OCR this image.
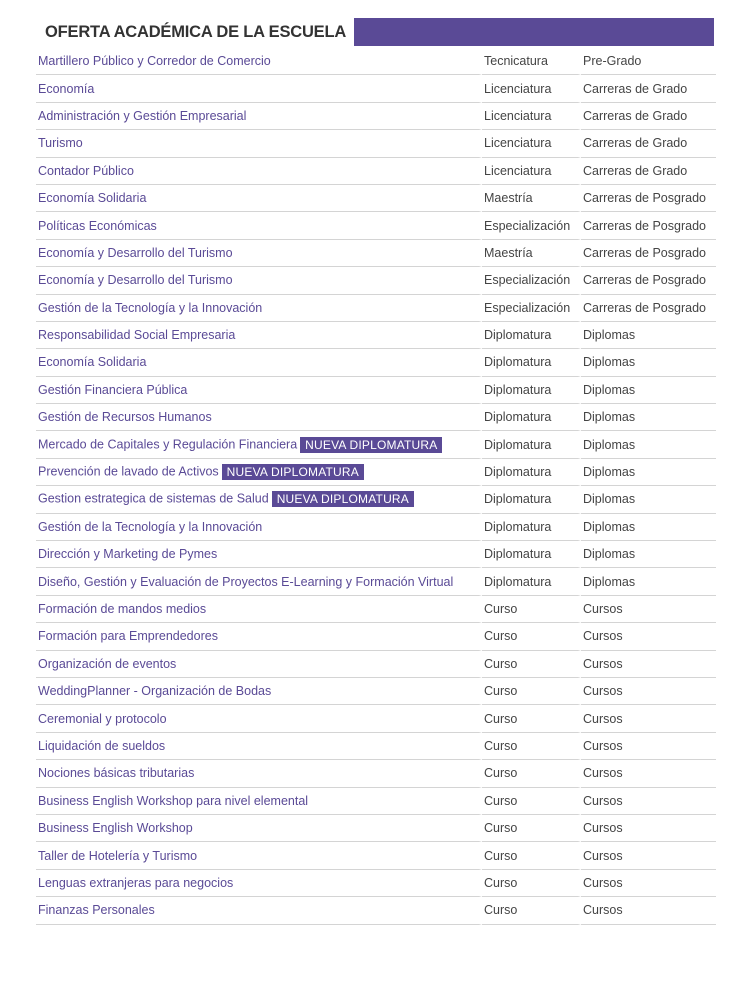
OFERTA ACADÉMICA DE LA ESCUELA
Martillero Público y Corredor de Comercio	Tecnicatura	Pre-Grado
Economía	Licenciatura	Carreras de Grado
Administración y Gestión Empresarial	Licenciatura	Carreras de Grado
Turismo	Licenciatura	Carreras de Grado
Contador Público	Licenciatura	Carreras de Grado
Economía Solidaria	Maestría	Carreras de Posgrado
Políticas Económicas	Especialización	Carreras de Posgrado
Economía y Desarrollo del Turismo	Maestría	Carreras de Posgrado
Economía y Desarrollo del Turismo	Especialización	Carreras de Posgrado
Gestión de la Tecnología y la Innovación	Especialización	Carreras de Posgrado
Responsabilidad Social Empresaria	Diplomatura	Diplomas
Economía Solidaria	Diplomatura	Diplomas
Gestión Financiera Pública	Diplomatura	Diplomas
Gestión de Recursos Humanos	Diplomatura	Diplomas
Mercado de Capitales y Regulación Financiera NUEVA DIPLOMATURA	Diplomatura	Diplomas
Prevención de lavado de Activos NUEVA DIPLOMATURA	Diplomatura	Diplomas
Gestion estrategica de sistemas de Salud NUEVA DIPLOMATURA	Diplomatura	Diplomas
Gestión de la Tecnología y la Innovación	Diplomatura	Diplomas
Dirección y Marketing de Pymes	Diplomatura	Diplomas
Diseño, Gestión y Evaluación de Proyectos E-Learning y Formación Virtual	Diplomatura	Diplomas
Formación de mandos medios	Curso	Cursos
Formación para Emprendedores	Curso	Cursos
Organización de eventos	Curso	Cursos
WeddingPlanner - Organización de Bodas	Curso	Cursos
Ceremonial y protocolo	Curso	Cursos
Liquidación de sueldos	Curso	Cursos
Nociones básicas tributarias	Curso	Cursos
Business English Workshop para nivel elemental	Curso	Cursos
Business English Workshop	Curso	Cursos
Taller de Hotelería y Turismo	Curso	Cursos
Lenguas extranjeras para negocios	Curso	Cursos
Finanzas Personales	Curso	Cursos
